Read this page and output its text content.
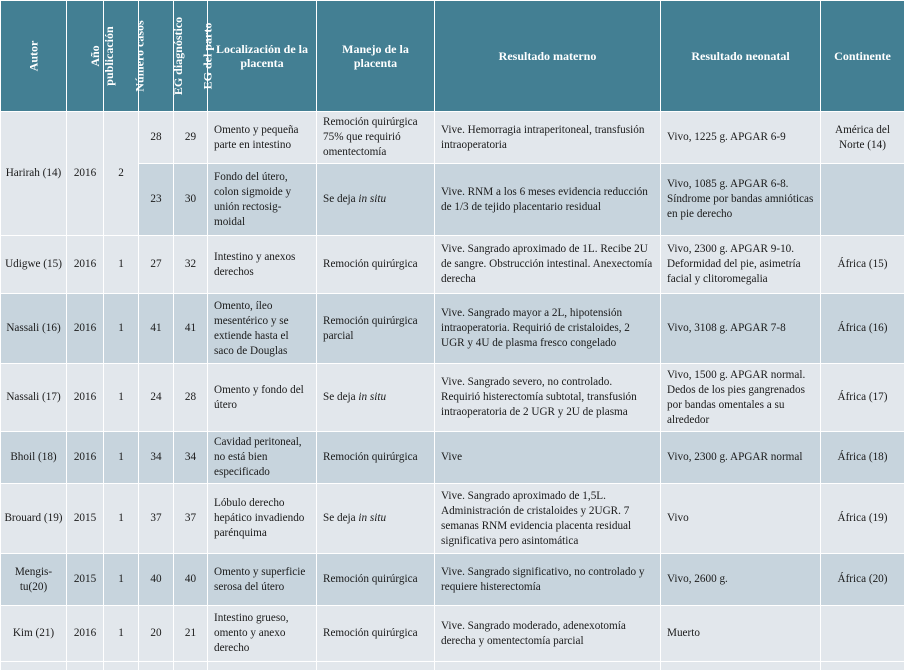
Autor	Año publicación	Número casos	EG diagnóstico	EG del parto	Localización de la placenta	Manejo de la placenta	Resultado materno	Resultado neonatal	Continente
Harirah (14)	2016	2	28	29	Omento y pequeña parte en intestino	Remoción quirúrgica 75% que requirió omentectomía	Vive. Hemorragia intraperitoneal, transfusión intraoperatoria	Vivo, 1225 g. APGAR 6-9	América del Norte (14)
			23	30	Fondo del útero, colon sigmoide y unión rectosig-moidal	Se deja in situ	Vive. RNM a los 6 meses evidencia reducción de 1/3 de tejido placentario residual	Vivo, 1085 g. APGAR 6-8. Síndrome por bandas amnióticas en pie derecho	
Udigwe (15)	2016	1	27	32	Intestino y anexos derechos	Remoción quirúrgica	Vive. Sangrado aproximado de 1L. Recibe 2U de sangre. Obstrucción intestinal. Anexectomía derecha	Vivo, 2300 g. APGAR 9-10. Deformidad del pie, asimetría facial y clitoromegalia	África (15)
Nassali (16)	2016	1	41	41	Omento, íleo mesentérico y se extiende hasta el saco de Douglas	Remoción quirúrgica parcial	Vive. Sangrado mayor a 2L, hipotensión intraoperatoria. Requirió de cristaloides, 2 UGR y 4U de plasma fresco congelado	Vivo, 3108 g. APGAR 7-8	África (16)
Nassali (17)	2016	1	24	28	Omento y fondo del útero	Se deja in situ	Vive. Sangrado severo, no controlado. Requirió histerectomía subtotal, transfusión intraoperatoria de 2 UGR y 2U de plasma	Vivo, 1500 g. APGAR normal. Dedos de los pies gangrenados por bandas omentales a su alrededor	África (17)
Bhoil (18)	2016	1	34	34	Cavidad peritoneal, no está bien especificado	Remoción quirúrgica	Vive	Vivo, 2300 g. APGAR normal	África (18)
Brouard (19)	2015	1	37	37	Lóbulo derecho hepático invadiendo parénquima	Se deja in situ	Vive. Sangrado aproximado de 1,5L. Administración de cristaloides y 2UGR. 7 semanas RNM evidencia placenta residual significativa pero asintomática	Vivo	África (19)
Mengis-tu(20)	2015	1	40	40	Omento y superficie serosa del útero	Remoción quirúrgica	Vive. Sangrado significativo, no controlado y requiere histerectomía	Vivo, 2600 g.	África (20)
Kim (21)	2016	1	20	21	Intestino grueso, omento y anexo derecho	Remoción quirúrgica	Vive. Sangrado moderado, adenexotomía derecha y omentectomía parcial	Muerto	
